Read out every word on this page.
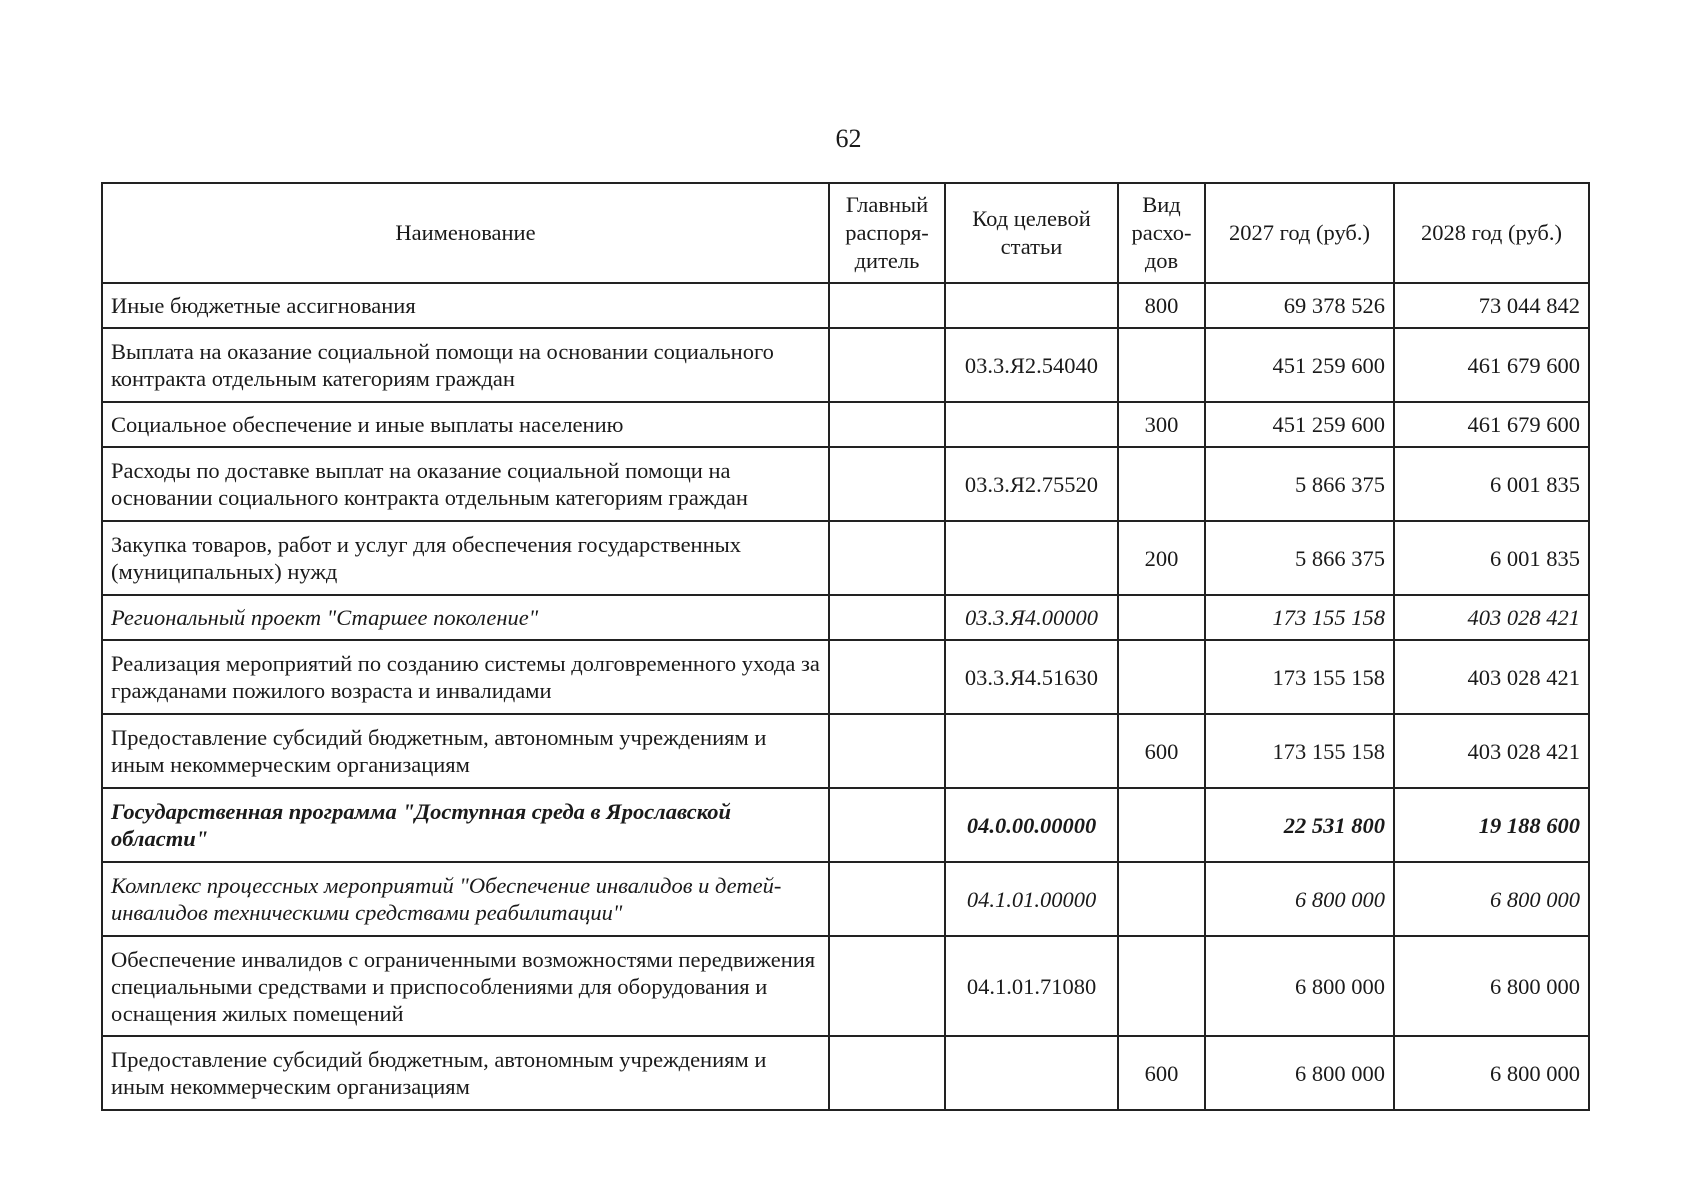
62
Наименование	Главный распоря-дитель	Код целевой статьи	Вид расхо-дов	2027 год (руб.)	2028 год (руб.)
Иные бюджетные ассигнования			800	69 378 526	73 044 842
Выплата на оказание социальной помощи на основании социального контракта отдельным категориям граждан		03.3.Я2.54040		451 259 600	461 679 600
Социальное обеспечение и иные выплаты населению			300	451 259 600	461 679 600
Расходы по доставке выплат на оказание социальной помощи на основании социального контракта отдельным категориям граждан		03.3.Я2.75520		5 866 375	6 001 835
Закупка товаров, работ и услуг для обеспечения государственных (муниципальных) нужд			200	5 866 375	6 001 835
Региональный проект "Старшее поколение"		03.3.Я4.00000		173 155 158	403 028 421
Реализация мероприятий по созданию системы долговременного ухода за гражданами пожилого возраста и инвалидами		03.3.Я4.51630		173 155 158	403 028 421
Предоставление субсидий бюджетным, автономным учреждениям и иным некоммерческим организациям			600	173 155 158	403 028 421
Государственная программа "Доступная среда в Ярославской области"		04.0.00.00000		22 531 800	19 188 600
Комплекс процессных мероприятий "Обеспечение инвалидов и детей-инвалидов техническими средствами реабилитации"		04.1.01.00000		6 800 000	6 800 000
Обеспечение инвалидов с ограниченными возможностями передвижения специальными средствами и приспособлениями для оборудования и оснащения жилых помещений		04.1.01.71080		6 800 000	6 800 000
Предоставление субсидий бюджетным, автономным учреждениям и иным некоммерческим организациям			600	6 800 000	6 800 000
